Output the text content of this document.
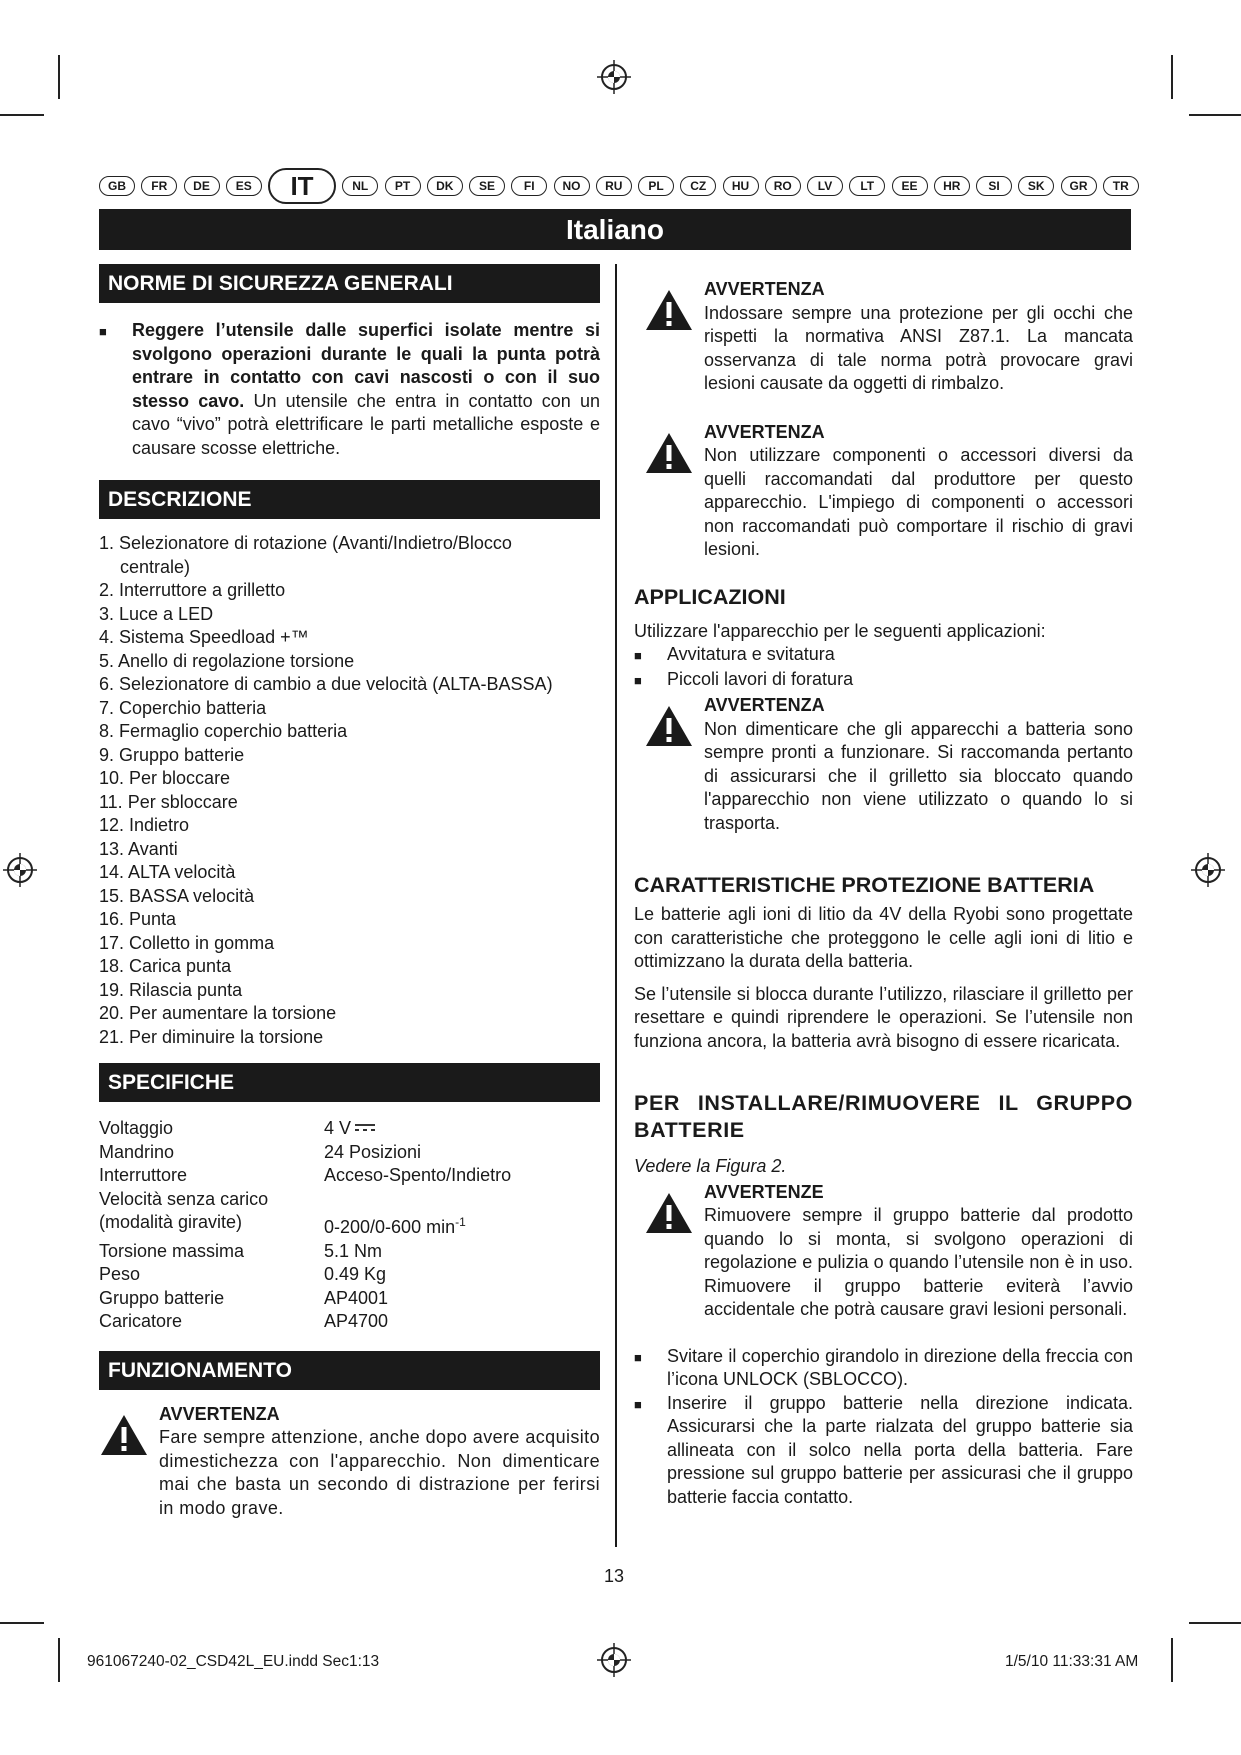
GB	FR	DE	ES	IT	NL	PT	DK	SE	FI	NO	RU	PL	CZ	HU	RO	LV	LT	EE	HR	SI	SK	GR	TR
Italiano
NORME DI SICUREZZA GENERALI
■	Reggere l’utensile dalle superfici isolate mentre si svolgono operazioni durante le quali la punta potrà entrare in contatto con cavi nascosti o con il suo stesso cavo. Un utensile che entra in contatto con un cavo “vivo” potrà elettrificare le parti metalliche esposte e causare scosse elettriche.
DESCRIZIONE
1. Selezionatore di rotazione (Avanti/Indietro/Blocco
centrale)
2. Interruttore a grilletto
3. Luce a LED
4. Sistema Speedload +™
5. Anello di regolazione torsione
6. Selezionatore di cambio a due velocità (ALTA-BASSA)
7. Coperchio batteria
8. Fermaglio coperchio batteria
9. Gruppo batterie
10. Per bloccare
11. Per sbloccare
12. Indietro
13. Avanti
14. ALTA velocità
15. BASSA velocità
16. Punta
17. Colletto in gomma
18. Carica punta
19. Rilascia punta
20. Per aumentare la torsione
21. Per diminuire la torsione
SPECIFICHE
Voltaggio	4 V
Mandrino	24 Posizioni
Interruttore	Acceso-Spento/Indietro
Velocità senza carico
(modalità giravite)	0-200/0-600 $\min^{-1}$
Torsione massima	5.1 Nm
Peso	0.49 Kg
Gruppo batterie	AP4001
Caricatore	AP4700
FUNZIONAMENTO
AVVERTENZA
Fare sempre attenzione, anche dopo avere acquisito dimestichezza con l'apparecchio. Non dimenticare mai che basta un secondo di distrazione per ferirsi in modo grave.
AVVERTENZA
Indossare sempre una protezione per gli occhi che rispetti la normativa ANSI Z87.1. La mancata osservanza di tale norma potrà provocare gravi lesioni causate da oggetti di rimbalzo.
AVVERTENZA
Non utilizzare componenti o accessori diversi da quelli raccomandati dal produttore per questo apparecchio. L'impiego di componenti o accessori non raccomandati può comportare il rischio di gravi lesioni.
APPLICAZIONI
Utilizzare l'apparecchio per le seguenti applicazioni:
■	Avvitatura e svitatura
■	Piccoli lavori di foratura
AVVERTENZA
Non dimenticare che gli apparecchi a batteria sono sempre pronti a funzionare. Si raccomanda pertanto di assicurarsi che il grilletto sia bloccato quando l'apparecchio non viene utilizzato o quando lo si trasporta.
CARATTERISTICHE PROTEZIONE BATTERIA
Le batterie agli ioni di litio da 4V della Ryobi sono progettate con caratteristiche che proteggono le celle agli ioni di litio e ottimizzano la durata della batteria.
Se l’utensile si blocca durante l’utilizzo, rilasciare il grilletto per resettare e quindi riprendere le operazioni. Se l’utensile non funziona ancora, la batteria avrà bisogno di essere ricaricata.
PER INSTALLARE/RIMUOVERE IL GRUPPO BATTERIE
Vedere la Figura 2.
AVVERTENZE
Rimuovere sempre il gruppo batterie dal prodotto quando lo si monta, si svolgono operazioni di regolazione e pulizia o quando l’utensile non è in uso. Rimuovere il gruppo batterie eviterà l’avvio accidentale che potrà causare gravi lesioni personali.
■	Svitare il coperchio girandolo in direzione della freccia con l’icona UNLOCK (SBLOCCO).
■	Inserire il gruppo batterie nella direzione indicata. Assicurarsi che la parte rialzata del gruppo batterie sia allineata con il solco nella porta della batteria. Fare pressione sul gruppo batterie per assicurasi che il gruppo batterie faccia contatto.
13
961067240-02_CSD42L_EU.indd Sec1:13	1/5/10 11:33:31 AM
